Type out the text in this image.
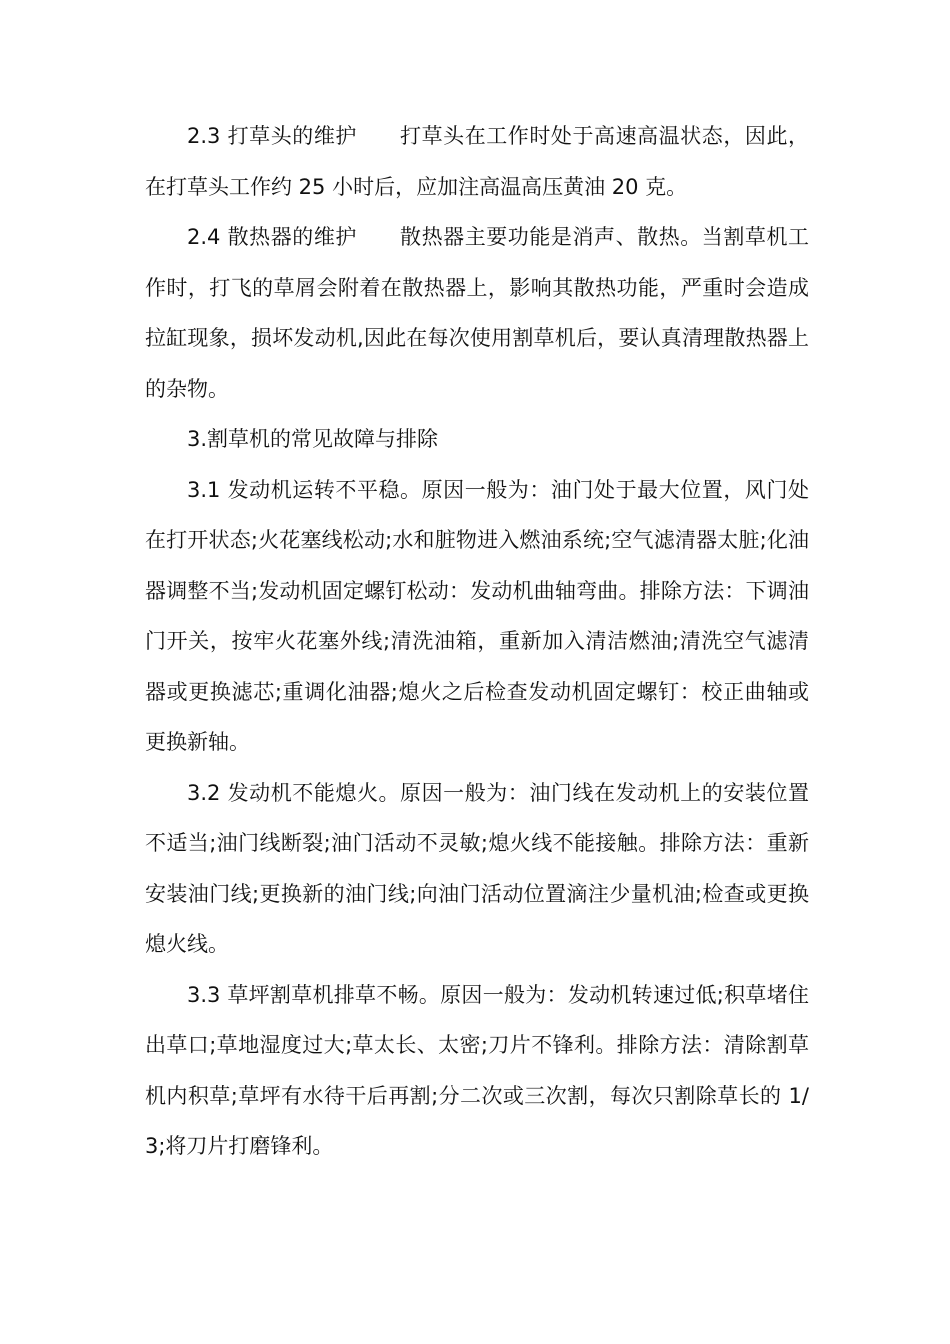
2.3 打草头的维护　　打草头在工作时处于高速高温状态，因此，在打草头工作约 25 小时后，应加注高温高压黄油 20 克。

2.4 散热器的维护　　散热器主要功能是消声、散热。当割草机工作时，打飞的草屑会附着在散热器上，影响其散热功能，严重时会造成拉缸现象，损坏发动机,因此在每次使用割草机后，要认真清理散热器上的杂物。

3.割草机的常见故障与排除

3.1 发动机运转不平稳。原因一般为：油门处于最大位置，风门处在打开状态;火花塞线松动;水和脏物进入燃油系统;空气滤清器太脏;化油器调整不当;发动机固定螺钉松动：发动机曲轴弯曲。排除方法：下调油门开关，按牢火花塞外线;清洗油箱，重新加入清洁燃油;清洗空气滤清器或更换滤芯;重调化油器;熄火之后检查发动机固定螺钉：校正曲轴或更换新轴。

3.2 发动机不能熄火。原因一般为：油门线在发动机上的安装位置不适当;油门线断裂;油门活动不灵敏;熄火线不能接触。排除方法：重新安装油门线;更换新的油门线;向油门活动位置滴注少量机油;检查或更换熄火线。

3.3 草坪割草机排草不畅。原因一般为：发动机转速过低;积草堵住出草口;草地湿度过大;草太长、太密;刀片不锋利。排除方法：清除割草机内积草;草坪有水待干后再割;分二次或三次割，每次只割除草长的 1/3;将刀片打磨锋利。
